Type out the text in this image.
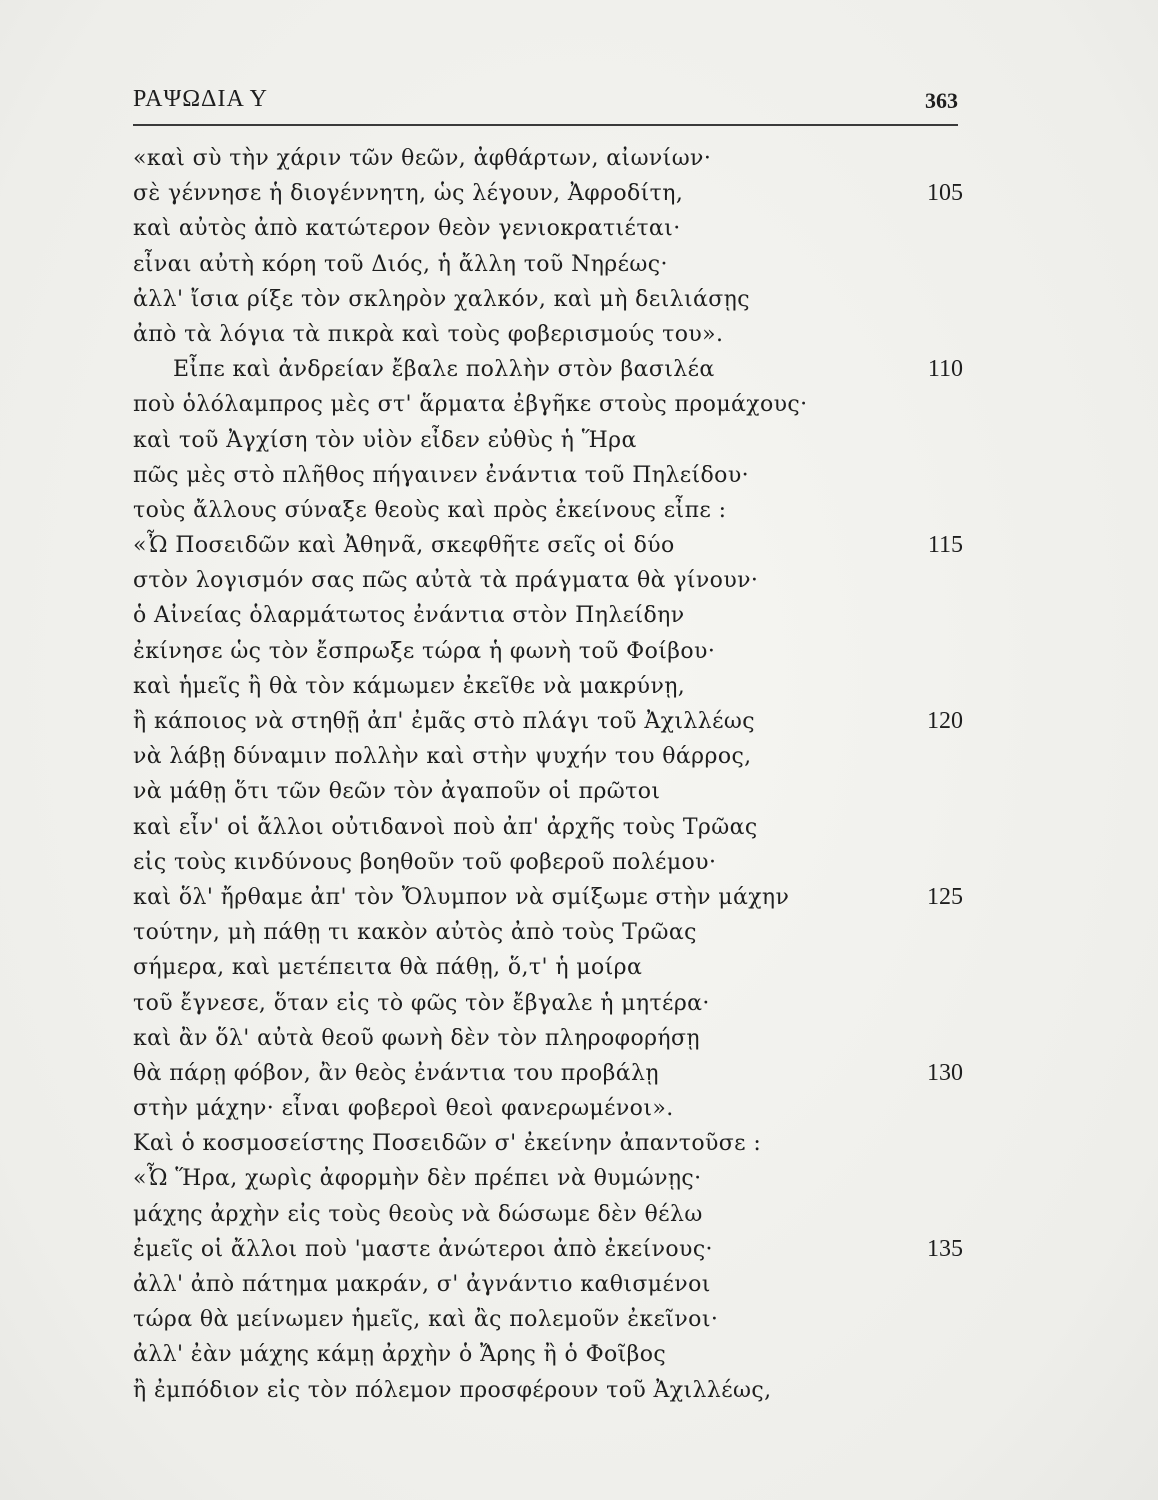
ΡΑΨΩΔΙΑ Υ	363
«καὶ σὺ τὴν χάριν τῶν θεῶν, ἀφθάρτων, αἰωνίων·
σὲ γέννησε ἡ διογέννητη, ὡς λέγουν, Ἀφροδίτη,	105
καὶ αὐτὸς ἀπὸ κατώτερον θεὸν γενιοκρατιέται·
εἶναι αὐτὴ κόρη τοῦ Διός, ἡ ἄλλη τοῦ Νηρέως·
ἀλλ' ἴσια ρίξε τὸν σκληρὸν χαλκόν, καὶ μὴ δειλιάσῃς
ἀπὸ τὰ λόγια τὰ πικρὰ καὶ τοὺς φοβερισμούς του».
Εἶπε καὶ ἀνδρείαν ἔβαλε πολλὴν στὸν βασιλέα	110
ποὺ ὁλόλαμπρος μὲς στ' ἅρματα ἐβγῆκε στοὺς προμάχους·
καὶ τοῦ Ἀγχίση τὸν υἱὸν εἶδεν εὐθὺς ἡ Ἥρα
πῶς μὲς στὸ πλῆθος πήγαινεν ἐνάντια τοῦ Πηλείδου·
τοὺς ἄλλους σύναξε θεοὺς καὶ πρὸς ἐκείνους εἶπε :
«Ὦ Ποσειδῶν καὶ Ἀθηνᾶ, σκεφθῆτε σεῖς οἱ δύο	115
στὸν λογισμόν σας πῶς αὐτὰ τὰ πράγματα θὰ γίνουν·
ὁ Αἰνείας ὁλαρμάτωτος ἐνάντια στὸν Πηλείδην
ἐκίνησε ὡς τὸν ἔσπρωξε τώρα ἡ φωνὴ τοῦ Φοίβου·
καὶ ἡμεῖς ἢ θὰ τὸν κάμωμεν ἐκεῖθε νὰ μακρύνῃ,
ἢ κάποιος νὰ στηθῇ ἀπ' ἐμᾶς στὸ πλάγι τοῦ Ἀχιλλέως	120
νὰ λάβῃ δύναμιν πολλὴν καὶ στὴν ψυχήν του θάρρος,
νὰ μάθῃ ὅτι τῶν θεῶν τὸν ἀγαποῦν οἱ πρῶτοι
καὶ εἶν' οἱ ἄλλοι οὐτιδανοὶ ποὺ ἀπ' ἀρχῆς τοὺς Τρῶας
εἰς τοὺς κινδύνους βοηθοῦν τοῦ φοβεροῦ πολέμου·
καὶ ὅλ' ἤρθαμε ἀπ' τὸν Ὄλυμπον νὰ σμίξωμε στὴν μάχην	125
τούτην, μὴ πάθῃ τι κακὸν αὐτὸς ἀπὸ τοὺς Τρῶας
σήμερα, καὶ μετέπειτα θὰ πάθῃ, ὅ,τ' ἡ μοίρα
τοῦ ἔγνεσε, ὅταν εἰς τὸ φῶς τὸν ἔβγαλε ἡ μητέρα·
καὶ ἂν ὅλ' αὐτὰ θεοῦ φωνὴ δὲν τὸν πληροφορήσῃ
θὰ πάρῃ φόβον, ἂν θεὸς ἐνάντια του προβάλῃ	130
στὴν μάχην· εἶναι φοβεροὶ θεοὶ φανερωμένοι».
Καὶ ὁ κοσμοσείστης Ποσειδῶν σ' ἐκείνην ἀπαντοῦσε :
«Ὦ Ἥρα, χωρὶς ἀφορμὴν δὲν πρέπει νὰ θυμώνῃς·
μάχης ἀρχὴν εἰς τοὺς θεοὺς νὰ δώσωμε δὲν θέλω
ἐμεῖς οἱ ἄλλοι ποὺ 'μαστε ἀνώτεροι ἀπὸ ἐκείνους·	135
ἀλλ' ἀπὸ πάτημα μακράν, σ' ἀγνάντιο καθισμένοι
τώρα θὰ μείνωμεν ἡμεῖς, καὶ ἂς πολεμοῦν ἐκεῖνοι·
ἀλλ' ἐὰν μάχης κάμῃ ἀρχὴν ὁ Ἄρης ἢ ὁ Φοῖβος
ἢ ἐμπόδιον εἰς τὸν πόλεμον προσφέρουν τοῦ Ἀχιλλέως,
